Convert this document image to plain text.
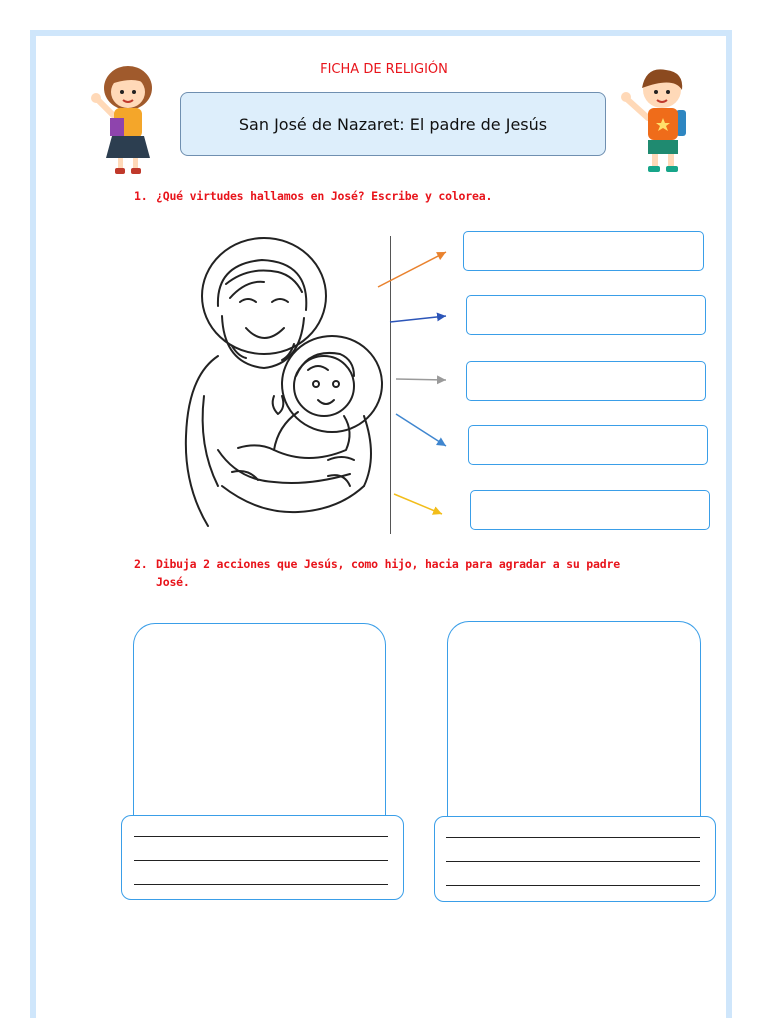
FICHA DE RELIGIÓN
San José de Nazaret: El padre de Jesús
1. ¿Qué virtudes hallamos en José? Escribe y colorea.
2. Dibuja 2 acciones que Jesús, como hijo, hacia para agradar a su padre
José.
